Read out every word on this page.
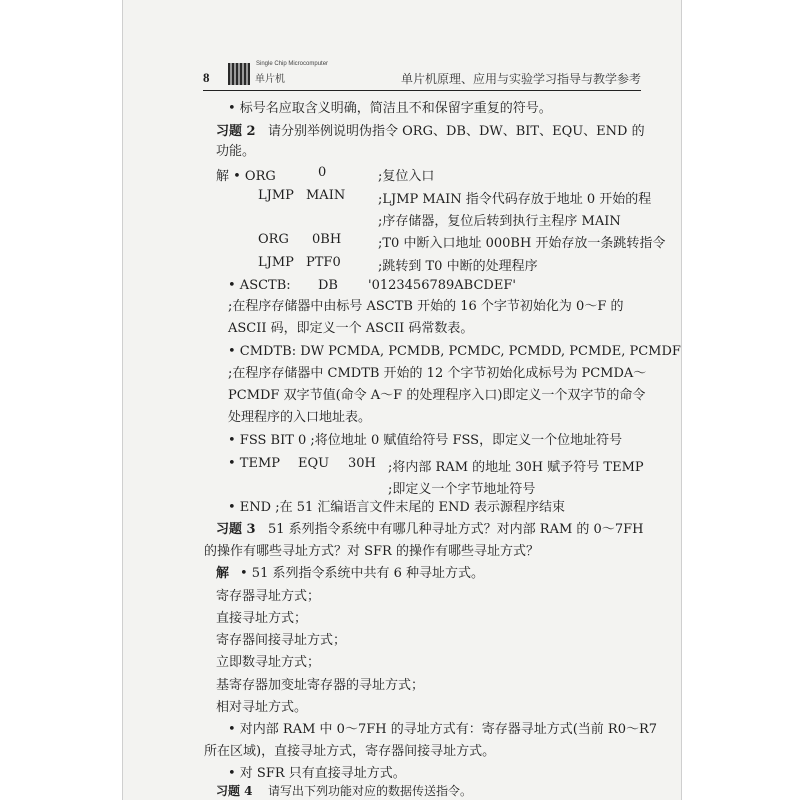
8
Single Chip Microcomputer
单片机	单片机原理、应用与实验学习指导与教学参考
• 标号名应取含义明确，简洁且不和保留字重复的符号。
习题 2 请分别举例说明伪指令 ORG、DB、DW、BIT、EQU、END 的
功能。
解 • ORG	0	;复位入口
LJMP MAIN	;LJMP MAIN 指令代码存放于地址 0 开始的程
;序存储器，复位后转到执行主程序 MAIN
ORG 0BH	;T0 中断入口地址 000BH 开始存放一条跳转指令
LJMP PTF0	;跳转到 T0 中断的处理程序
• ASCTB: DB '0123456789ABCDEF'
;在程序存储器中由标号 ASCTB 开始的 16 个字节初始化为 0～F 的
ASCII 码，即定义一个 ASCII 码常数表。
• CMDTB: DW PCMDA, PCMDB, PCMDC, PCMDD, PCMDE, PCMDF
;在程序存储器中 CMDTB 开始的 12 个字节初始化成标号为 PCMDA～
PCMDF 双字节值(命令 A～F 的处理程序入口)即定义一个双字节的命令
处理程序的入口地址表。
• FSS BIT 0 ;将位地址 0 赋值给符号 FSS，即定义一个位地址符号
• TEMP EQU 30H ;将内部 RAM 的地址 30H 赋予符号 TEMP
;即定义一个字节地址符号
• END ;在 51 汇编语言文件末尾的 END 表示源程序结束
习题 3 51 系列指令系统中有哪几种寻址方式？对内部 RAM 的 0～7FH
的操作有哪些寻址方式？对 SFR 的操作有哪些寻址方式？
解 • 51 系列指令系统中共有 6 种寻址方式。
寄存器寻址方式；
直接寻址方式；
寄存器间接寻址方式；
立即数寻址方式；
基寄存器加变址寄存器的寻址方式；
相对寻址方式。
• 对内部 RAM 中 0～7FH 的寻址方式有：寄存器寻址方式(当前 R0～R7
所在区域)，直接寻址方式，寄存器间接寻址方式。
• 对 SFR 只有直接寻址方式。
习题 4 请写出下列功能对应的数据传送指令。
